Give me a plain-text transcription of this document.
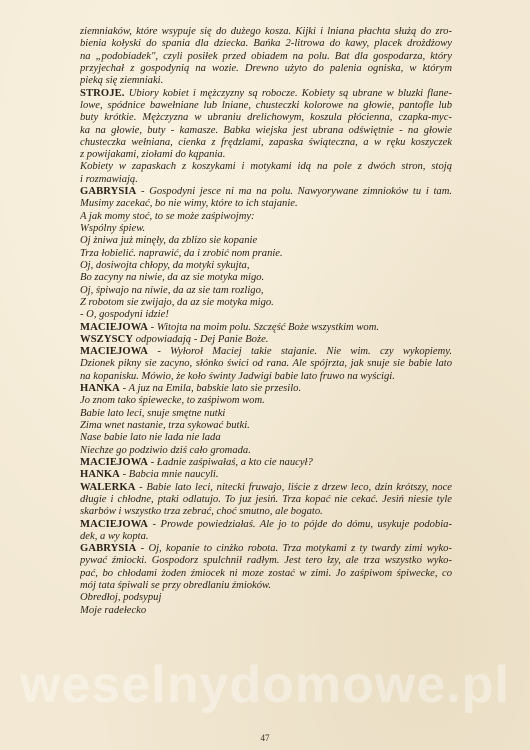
ziemniaków, które wsypuje się do dużego kosza. Kijki i lniana płachta służą do zro-
bienia kołyski do spania dla dziecka. Bańka 2-litrowa do kawy, placek drożdżowy
na „podobiadek", czyli posiłek przed obiadem na polu. Bat dla gospodarza, który
przyjechał z gospodynią na wozie. Drewno użyto do palenia ogniska, w którym
pieką się ziemniaki.
STROJE. Ubiory kobiet i mężczyzny są robocze. Kobiety są ubrane w bluzki flane-
lowe, spódnice bawełniane lub lniane, chusteczki kolorowe na głowie, pantofle lub
buty krótkie. Mężczyzna w ubraniu drelichowym, koszula płócienna, czapka-myc-
ka na głowie, buty - kamasze. Babka wiejska jest ubrana odświętnie - na głowie
chusteczka wełniana, cienka z frędzlami, zapaska świąteczna, a w ręku koszyczek
z powijakami, ziołami do kąpania.
Kobiety w zapaskach z koszykami i motykami idą na pole z dwóch stron, stoją
i rozmawiają.
GABRYSIA - Gospodyni jesce ni ma na polu. Nawyorywane zimnioków tu i tam.
Musimy zacekać, bo nie wimy, które to ich stajanie.
A jak momy stoć, to se może zaśpiwojmy:
Wspólny śpiew.
Oj żniwa już minęły, da zblizo sie kopanie
Trza łobielić. naprawić, da i zrobić nom pranie.
Oj, dosiwojta chłopy, da motyki sykujta,
Bo zacyny na niwie, da az sie motyka migo.
Oj, śpiwajo na niwie, da az sie tam rozligo,
Z robotom sie zwijajo, da az sie motyka migo.
- O, gospodyni idzie!
MACIEJOWA - Witojta na moim polu. Szczęść Boże wszystkim wom.
WSZYSCY odpowiadają - Dej Panie Boże.
MACIEJOWA - Wyłoroł Maciej takie stajanie. Nie wim. czy wykopiemy.
Dzionek pikny sie zacyno, słónko świci od rana. Ale spójrzta, jak snuje sie babie lato
na kopanisku. Mówio, że koło świnty Jadwigi babie lato fruwo na wyścigi.
HANKA - A juz na Emila, babskie lato sie przesilo.
Jo znom tako śpiewecke, to zaśpiwom wom.
Babie lato leci, snuje smętne nutki
Zima wnet nastanie, trza sykować butki.
Nase babie lato nie lada nie lada
Niechze go podziwio dziś cało gromada.
MACIEJOWA - Ładnie zaśpiwałaś, a kto cie naucył?
HANKA - Babcia mnie naucyli.
WALERKA - Babie lato leci, nitecki fruwajo, liście z drzew leco, dzin krótszy, noce
długie i chłodne, ptaki odlatujo. To juz jesiń. Trza kopać nie cekać. Jesiń niesie tyle
skarbów i wszystko trza zebrać, choć smutno, ale bogato.
MACIEJOWA - Prowde powiedziałaś. Ale jo to pójde do dómu, usykuje podobia-
dek, a wy kopta.
GABRYSIA - Oj, kopanie to cinżko robota. Trza motykami z ty twardy zimi wyko-
pywać źmiocki. Gospodorz spulchnił radłym. Jest tero łzy, ale trza wszystko wyko-
pać, bo chłodami żoden źmiocek ni moze zostać w zimi. Jo zaśpiwom śpiwecke, co
mój tata śpiwali se przy obredlaniu źmioków.
Obredłoj, podsypuj
Moje radełecko
weselnydomowe.pl
47
